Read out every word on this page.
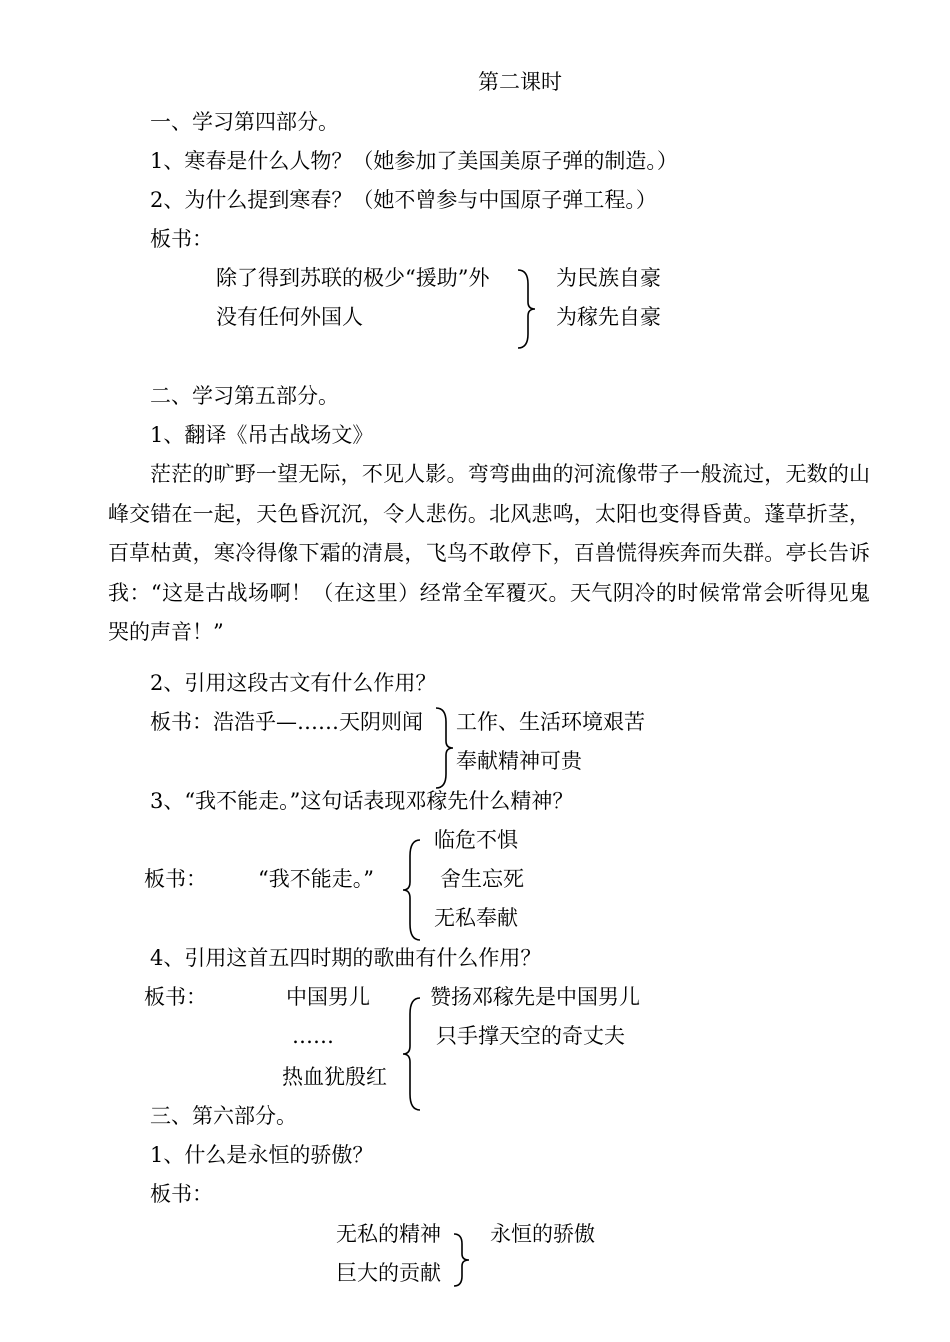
第二课时
一、学习第四部分。
1、寒春是什么人物？（她参加了美国美原子弹的制造。）
2、为什么提到寒春？（她不曾参与中国原子弹工程。）
板书：
除了得到苏联的极少“援助”外
没有任何外国人
为民族自豪
为稼先自豪
二、学习第五部分。
1、翻译《吊古战场文》
茫茫的旷野一望无际，不见人影。弯弯曲曲的河流像带子一般流过，无数的山峰交错在一起，天色昏沉沉，令人悲伤。北风悲鸣，太阳也变得昏黄。蓬草折茎，百草枯黄，寒冷得像下霜的清晨，飞鸟不敢停下，百兽慌得疾奔而失群。亭长告诉我：“这是古战场啊！（在这里）经常全军覆灭。天气阴冷的时候常常会听得见鬼哭的声音！”
2、引用这段古文有什么作用？
板书：浩浩乎—……天阴则闻 工作、生活环境艰苦
奉献精神可贵
3、“我不能走。”这句话表现邓稼先什么精神？
临危不惧
板书： “我不能走。”	舍生忘死
无私奉献
4、引用这首五四时期的歌曲有什么作用？
板书：	中国男儿
……
热血犹殷红
赞扬邓稼先是中国男儿
只手撑天空的奇丈夫
三、第六部分。
1、什么是永恒的骄傲？
板书：
无私的精神
巨大的贡献
永恒的骄傲
